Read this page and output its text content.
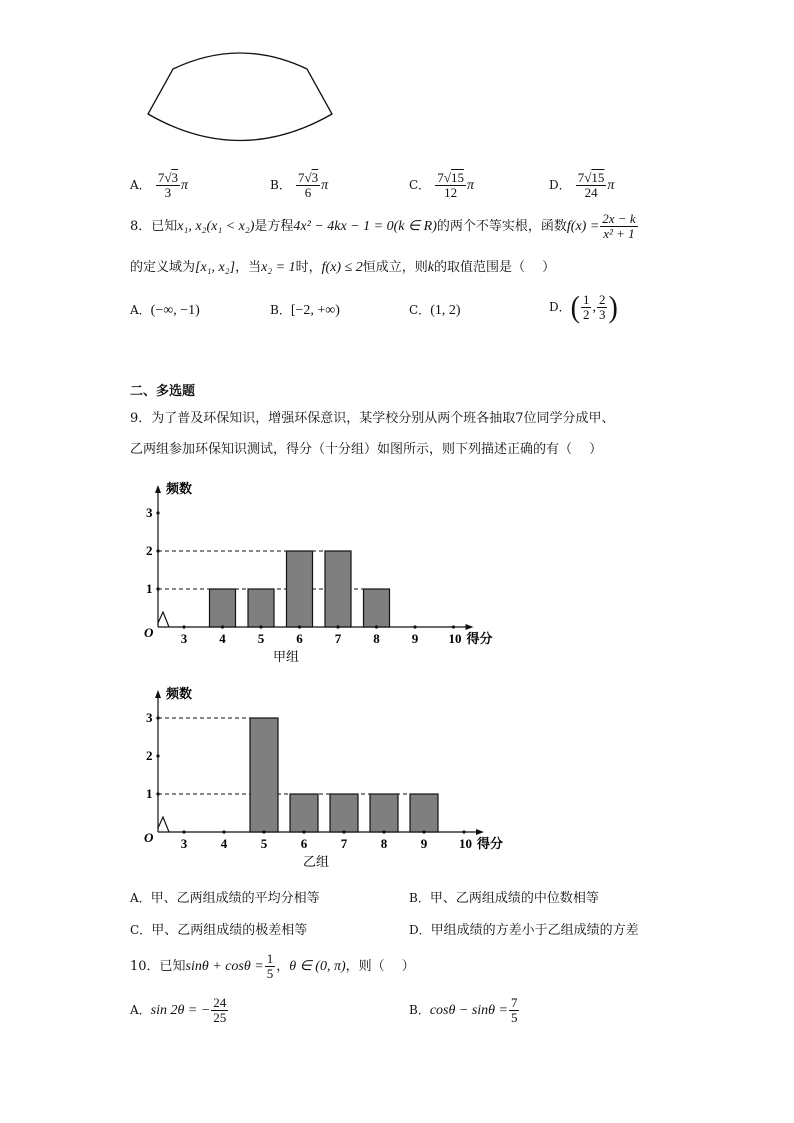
A． $\frac{7√3}{3}$ π	B． $\frac{7√3}{6}$ π	C． $\frac{7√15}{12}$ π	D． $\frac{7√15}{24}$ π
8．已知x₁, x₂(x₁ < x₂)是方程4x² − 4kx − 1 = 0(k ∈ R)的两个不等实根，函数$f(x) = \frac{2x - k}{\text{x² + 1}}$
的定义域为[x₁, x₂]，当x₂ = 1时，f(x) ≤ 2恒成立，则k的取值范围是（　 ）
A．(−∞, −1)	B．[−2, +∞)	C．(1, 2)	D．( $\frac{1}{2}$ , $\frac{2}{3}$ )
二、多选题
9．为了普及环保知识，增强环保意识，某学校分别从两个班各抽取7位同学分成甲、
乙两组参加环保知识测试，得分（十分组）如图所示，则下列描述正确的有（　 ）
频数
O
1
2
3
3 4 5 6 7 8 9 10 得分
甲组
频数
O
1
2
3
3	4	5	6	7	8	9 10 得分
乙组
A．甲、乙两组成绩的平均分相等	B．甲、乙两组成绩的中位数相等
C．甲、乙两组成绩的极差相等	D．甲组成绩的方差小于乙组成绩的方差
10．已知$\sin\theta + \cos\theta = \frac{1}{5}$ ，θ ∈ (0, π)，则（　 ）
A．sin 2θ = − $\frac{24}{25}$	B．$\cos\theta - \sin\theta = \frac{7}{5}$
